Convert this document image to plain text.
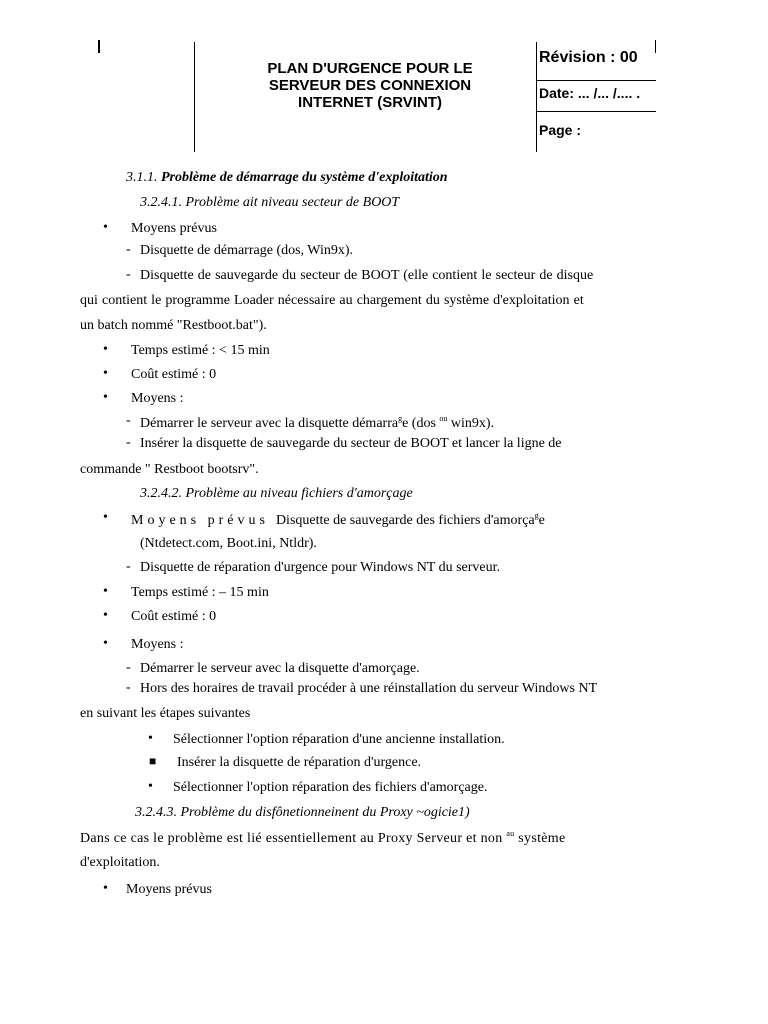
PLAN D'URGENCE POUR LE
SERVEUR DES CONNEXION
INTERNET (SRVINT)
Révision : 00
Date: ... /... /.... .
Page :
3.1.1. Problème de démarrage du système d'exploitation
3.2.4.1. Problème ait niveau secteur de BOOT
• Moyens prévus
- Disquette de démarrage (dos, Win9x).
- Disquette de sauvegarde du secteur de BOOT (elle contient le secteur de disque
qui contient le programme Loader nécessaire au chargement du système d'exploitation et
un batch nommé "Restboot.bat").
• Temps estimé : < 15 min
• Coût estimé : 0
• Moyens :
- Démarrer le serveur avec la disquette démarra$^g$e (dos $^{ou}$ win9x).
- Insérer la disquette de sauvegarde du secteur de BOOT et lancer la ligne de
commande " Restboot bootsrv".
3.2.4.2. Problème au niveau fichiers d'amorçage
• Moyens prévus Disquette de sauvegarde des fichiers d'amorça$^g$e
(Ntdetect.com, Boot.ini, Ntldr).
- Disquette de réparation d'urgence pour Windows NT du serveur.
• Temps estimé : – 15 min
• Coût estimé : 0
• Moyens :
- Démarrer le serveur avec la disquette d'amorçage.
- Hors des horaires de travail procéder à une réinstallation du serveur Windows NT
en suivant les étapes suivantes
• Sélectionner l'option réparation d'une ancienne installation.
■ Insérer la disquette de réparation d'urgence.
• Sélectionner l'option réparation des fichiers d'amorçage.
3.2.4.3. Problème du disfônetionneinent du Proxy ~ogicie1)
Dans ce cas le problème est lié essentiellement au Proxy Serveur et non $^{au}$ système
d'exploitation.
• Moyens prévus
